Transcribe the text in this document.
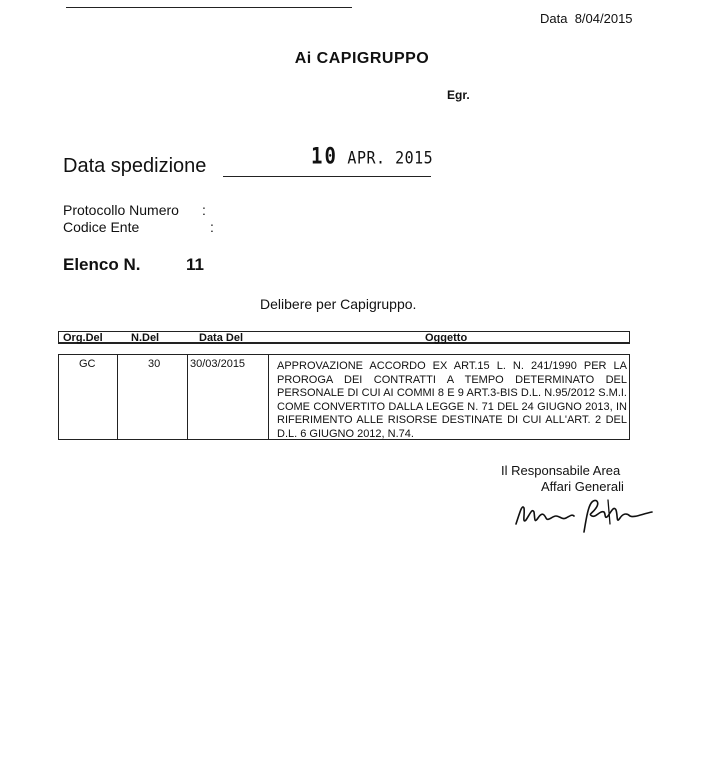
Data 8/04/2015
Ai CAPIGRUPPO
Egr.
Data spedizione	10 APR. 2015
Protocollo Numero :
Codice Ente	:
Elenco N.	11
Delibere per Capigruppo.
Org.Del	N.Del	Data Del	Oggetto
GC	30	30/03/2015	APPROVAZIONE ACCORDO EX ART.15 L. N. 241/1990 PER LA PROROGA DEI CONTRATTI A TEMPO DETERMINATO DEL PERSONALE DI CUI AI COMMI 8 E 9 ART.3-BIS D.L. N.95/2012 S.M.I. COME CONVERTITO DALLA LEGGE N. 71 DEL 24 GIUGNO 2013, IN RIFERIMENTO ALLE RISORSE DESTINATE DI CUI ALL'ART. 2 DEL D.L. 6 GIUGNO 2012, N.74.
Il Responsabile Area
Affari Generali
